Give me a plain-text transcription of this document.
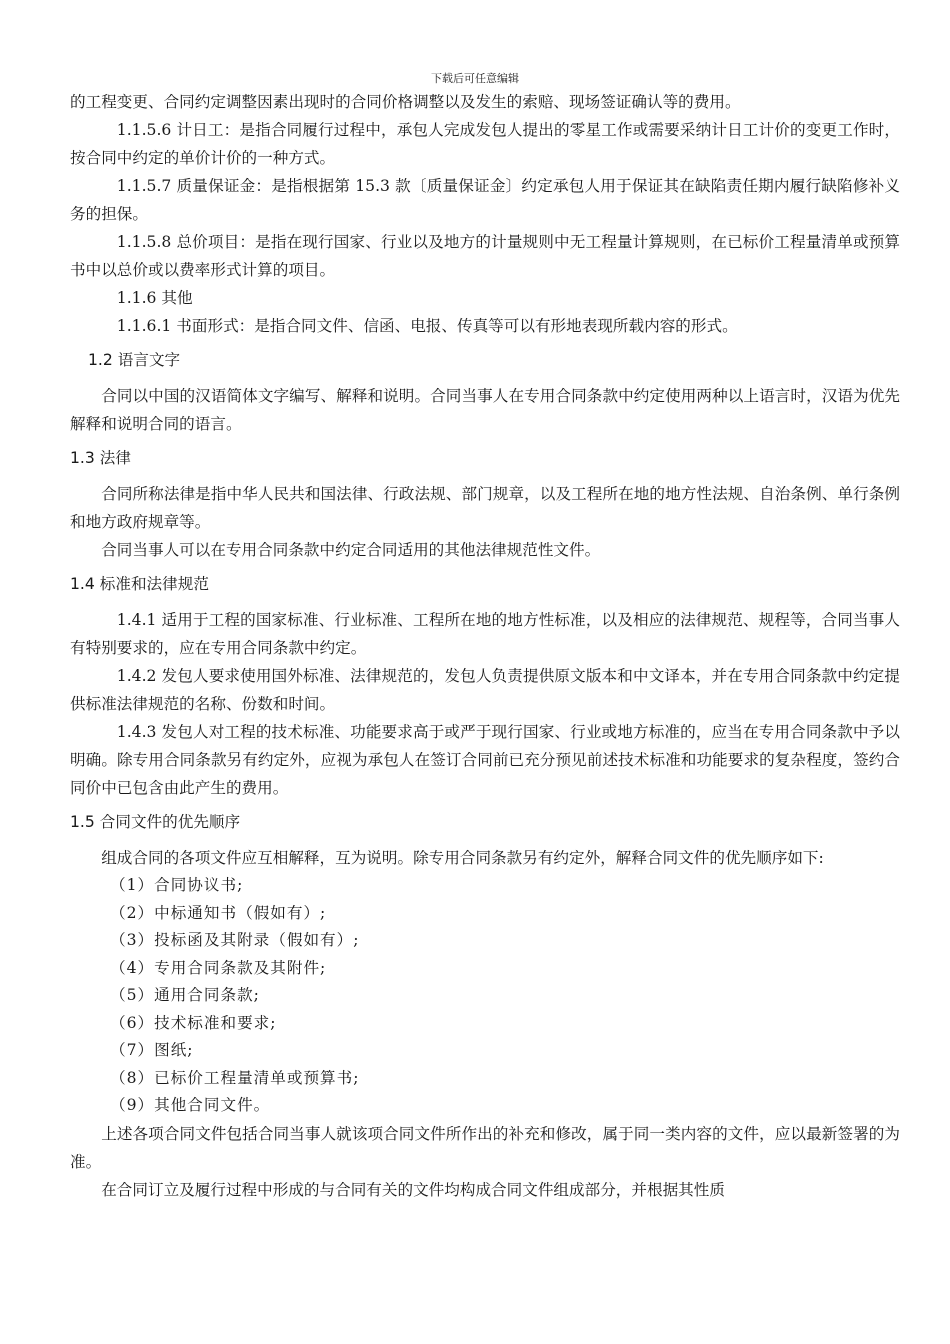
下载后可任意编辑

的工程变更、合同约定调整因素出现时的合同价格调整以及发生的索赔、现场签证确认等的费用。

1.1.5.6 计日工：是指合同履行过程中，承包人完成发包人提出的零星工作或需要采纳计日工计价的变更工作时，按合同中约定的单价计价的一种方式。

1.1.5.7 质量保证金：是指根据第 15.3 款〔质量保证金〕约定承包人用于保证其在缺陷责任期内履行缺陷修补义务的担保。

1.1.5.8 总价项目：是指在现行国家、行业以及地方的计量规则中无工程量计算规则，在已标价工程量清单或预算书中以总价或以费率形式计算的项目。

1.1.6 其他

1.1.6.1 书面形式：是指合同文件、信函、电报、传真等可以有形地表现所载内容的形式。

1.2 语言文字

合同以中国的汉语简体文字编写、解释和说明。合同当事人在专用合同条款中约定使用两种以上语言时，汉语为优先解释和说明合同的语言。

1.3 法律

合同所称法律是指中华人民共和国法律、行政法规、部门规章，以及工程所在地的地方性法规、自治条例、单行条例和地方政府规章等。

合同当事人可以在专用合同条款中约定合同适用的其他法律规范性文件。

1.4 标准和法律规范

1.4.1 适用于工程的国家标准、行业标准、工程所在地的地方性标准，以及相应的法律规范、规程等，合同当事人有特别要求的，应在专用合同条款中约定。

1.4.2 发包人要求使用国外标准、法律规范的，发包人负责提供原文版本和中文译本，并在专用合同条款中约定提供标准法律规范的名称、份数和时间。

1.4.3 发包人对工程的技术标准、功能要求高于或严于现行国家、行业或地方标准的，应当在专用合同条款中予以明确。除专用合同条款另有约定外，应视为承包人在签订合同前已充分预见前述技术标准和功能要求的复杂程度，签约合同价中已包含由此产生的费用。

1.5 合同文件的优先顺序

组成合同的各项文件应互相解释，互为说明。除专用合同条款另有约定外，解释合同文件的优先顺序如下:

（1）合同协议书;

（2）中标通知书（假如有）;

（3）投标函及其附录（假如有）;

（4）专用合同条款及其附件;

（5）通用合同条款;

（6）技术标准和要求;

（7）图纸;

（8）已标价工程量清单或预算书;

（9）其他合同文件。

上述各项合同文件包括合同当事人就该项合同文件所作出的补充和修改，属于同一类内容的文件，应以最新签署的为准。

在合同订立及履行过程中形成的与合同有关的文件均构成合同文件组成部分，并根据其性质
